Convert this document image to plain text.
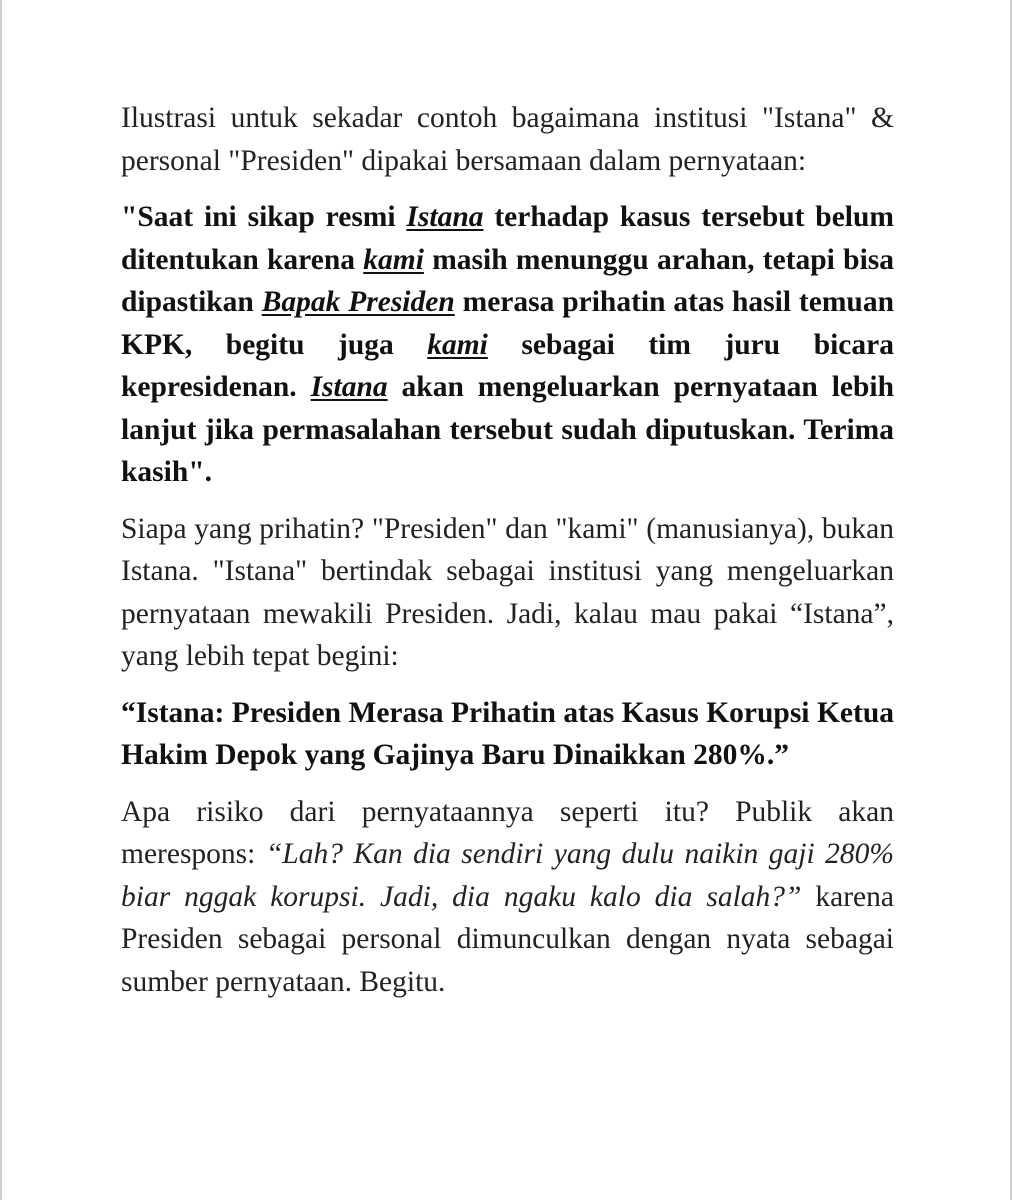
Ilustrasi untuk sekadar contoh bagaimana institusi "Istana" & personal "Presiden" dipakai bersamaan dalam pernyataan:

"Saat ini sikap resmi Istana terhadap kasus tersebut belum ditentukan karena kami masih menunggu arahan, tetapi bisa dipastikan Bapak Presiden merasa prihatin atas hasil temuan KPK, begitu juga kami sebagai tim juru bicara kepresidenan. Istana akan mengeluarkan pernyataan lebih lanjut jika permasalahan tersebut sudah diputuskan. Terima kasih".

Siapa yang prihatin? "Presiden" dan "kami" (manusianya), bukan Istana. "Istana" bertindak sebagai institusi yang mengeluarkan pernyataan mewakili Presiden. Jadi, kalau mau pakai “Istana”, yang lebih tepat begini:

“Istana: Presiden Merasa Prihatin atas Kasus Korupsi Ketua Hakim Depok yang Gajinya Baru Dinaikkan 280%.”

Apa risiko dari pernyataannya seperti itu? Publik akan merespons: “Lah? Kan dia sendiri yang dulu naikin gaji 280% biar nggak korupsi. Jadi, dia ngaku kalo dia salah?” karena Presiden sebagai personal dimunculkan dengan nyata sebagai sumber pernyataan. Begitu.
